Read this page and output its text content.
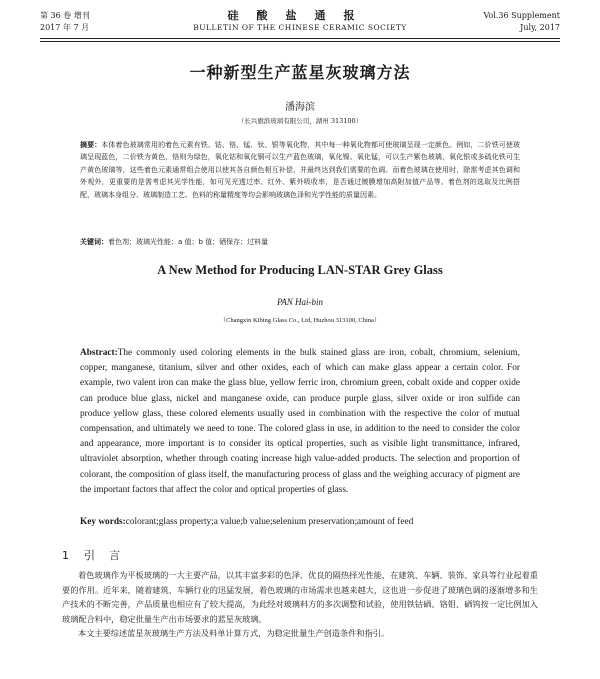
第 36 卷 增刊
2017 年 7 月
硅酸盐通报
BULLETIN OF THE CHINESE CERAMIC SOCIETY
Vol.36 Supplement
July, 2017
一种新型生产蓝星灰玻璃方法
潘海滨
（长兴旗滨玻璃有限公司，湖州 313100）
摘要：本体着色玻璃常用的着色元素有铁、钴、铬、锰、钛、银等氧化物，其中每一种氧化物都可使玻璃呈现一定颜色。例如，二价铁可使玻璃呈现蓝色，二价铁为黄色，铬则为绿色，氧化钴和氧化铜可以生产蓝色玻璃，氧化镍、氧化锰，可以生产紫色玻璃，氧化银或多硫化铁可生产黄色玻璃等，这些着色元素通常组合使用以使其各自颜色相互补偿，并最终达到我们需要的色调。而着色玻璃在使用时，除需考虑其色调和外观外，更重要的是需考虑其光学性能，如可见光透过率、红外、紫外吸收率，是否通过镀膜增加高附加值产品等。着色剂的选取及比例搭配、玻璃本身组分、玻璃制造工艺、色料的称量精度等均会影响玻璃色泽和光学性能的质量因素。
关键词：着色剂；玻璃光性能；a 值；b 值；硒保存；过料量
A New Method for Producing LAN-STAR Grey Glass
PAN Hai-bin
（Changxin Kibing Glass Co., Ltd, Huzhou 313100, China）
Abstract:The commonly used coloring elements in the bulk stained glass are iron, cobalt, chromium, selenium, copper, manganese, titanium, silver and other oxides, each of which can make glass appear a certain color. For example, two valent iron can make the glass blue, yellow ferric iron, chromium green, cobalt oxide and copper oxide can produce blue glass, nickel and manganese oxide, can produce purple glass, silver oxide or iron sulfide can produce yellow glass, these colored elements usually used in combination with the respective the color of mutual compensation, and ultimately we need to tone. The colored glass in use, in addition to the need to consider the color and appearance, more important is to consider its optical properties, such as visible light transmittance, infrared, ultraviolet absorption, whether through coating increase high value-added products. The selection and proportion of colorant, the composition of glass itself, the manufacturing process of glass and the weighing accuracy of pigment are the important factors that affect the color and optical properties of glass.
Key words:colorant;glass property;a value;b value;selenium preservation;amount of feed
1 引言

着色玻璃作为平板玻璃的一大主要产品，以其丰富多彩的色泽、优良的隔热择光性能，在建筑、车辆、装饰、家具等行业起着重要的作用。近年来，随着建筑、车辆行业的迅猛发展，着色玻璃的市场需求也越来越大，这也进一步促进了玻璃色调的逐渐增多和生产技术的不断完善，产品质量也相应有了较大提高，为此经对玻璃料方的多次调整和试验，使用铁钴硒、铬钼、硒钨按一定比例加入玻璃配合料中，稳定批量生产出市场要求的蓝星灰玻璃。

本文主要综述蓝星灰玻璃生产方法及料单计算方式，为稳定批量生产创造条件和指引。
